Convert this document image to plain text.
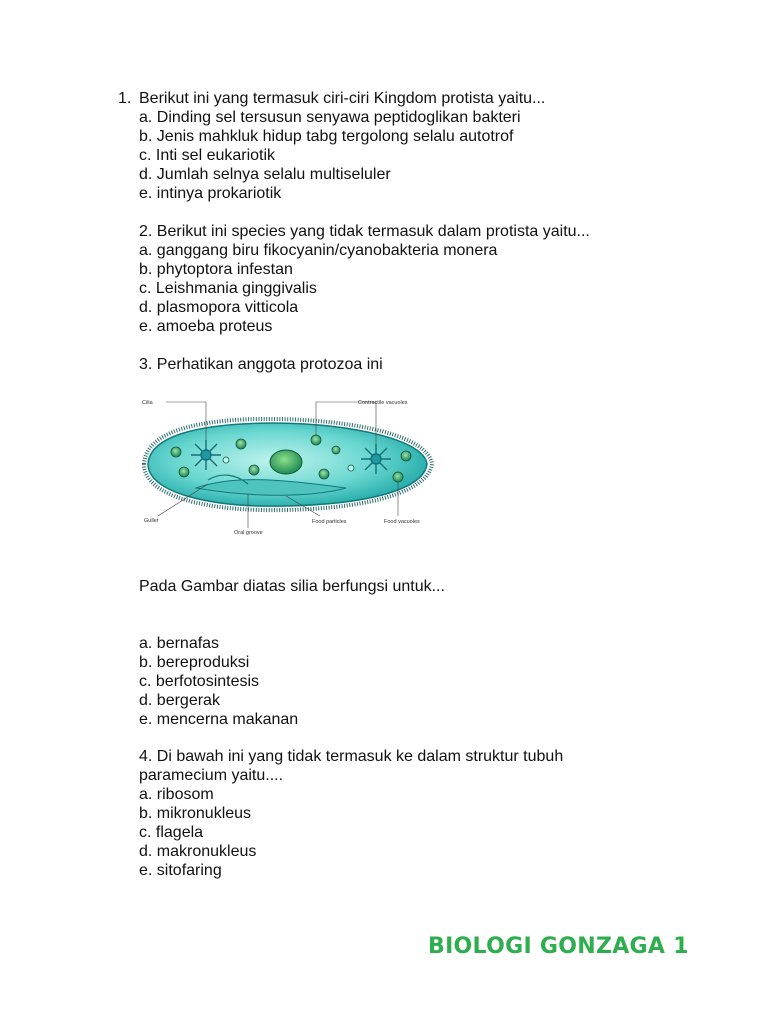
1. Berikut ini yang termasuk ciri-ciri Kingdom protista yaitu...
a. Dinding sel tersusun senyawa peptidoglikan bakteri
b. Jenis mahkluk hidup tabg tergolong selalu autotrof
c. Inti sel eukariotik
d. Jumlah selnya selalu multiseluler
e. intinya prokariotik
2. Berikut ini species yang tidak termasuk dalam protista yaitu...
a. ganggang biru fikocyanin/cyanobakteria monera
b. phytoptora infestan
c. Leishmania ginggivalis
d. plasmopora vitticola
e. amoeba proteus
3. Perhatikan anggota protozoa ini
Cilia	Contractile vacuoles
Gullet
Oral groove
Food particles	Food vacuoles
Pada Gambar diatas silia berfungsi untuk...
a. bernafas
b. bereproduksi
c. berfotosintesis
d. bergerak
e. mencerna makanan
4. Di bawah ini yang tidak termasuk ke dalam struktur tubuh
paramecium yaitu....
a. ribosom
b. mikronukleus
c. flagela
d. makronukleus
e. sitofaring
BIOLOGI GONZAGA 1
